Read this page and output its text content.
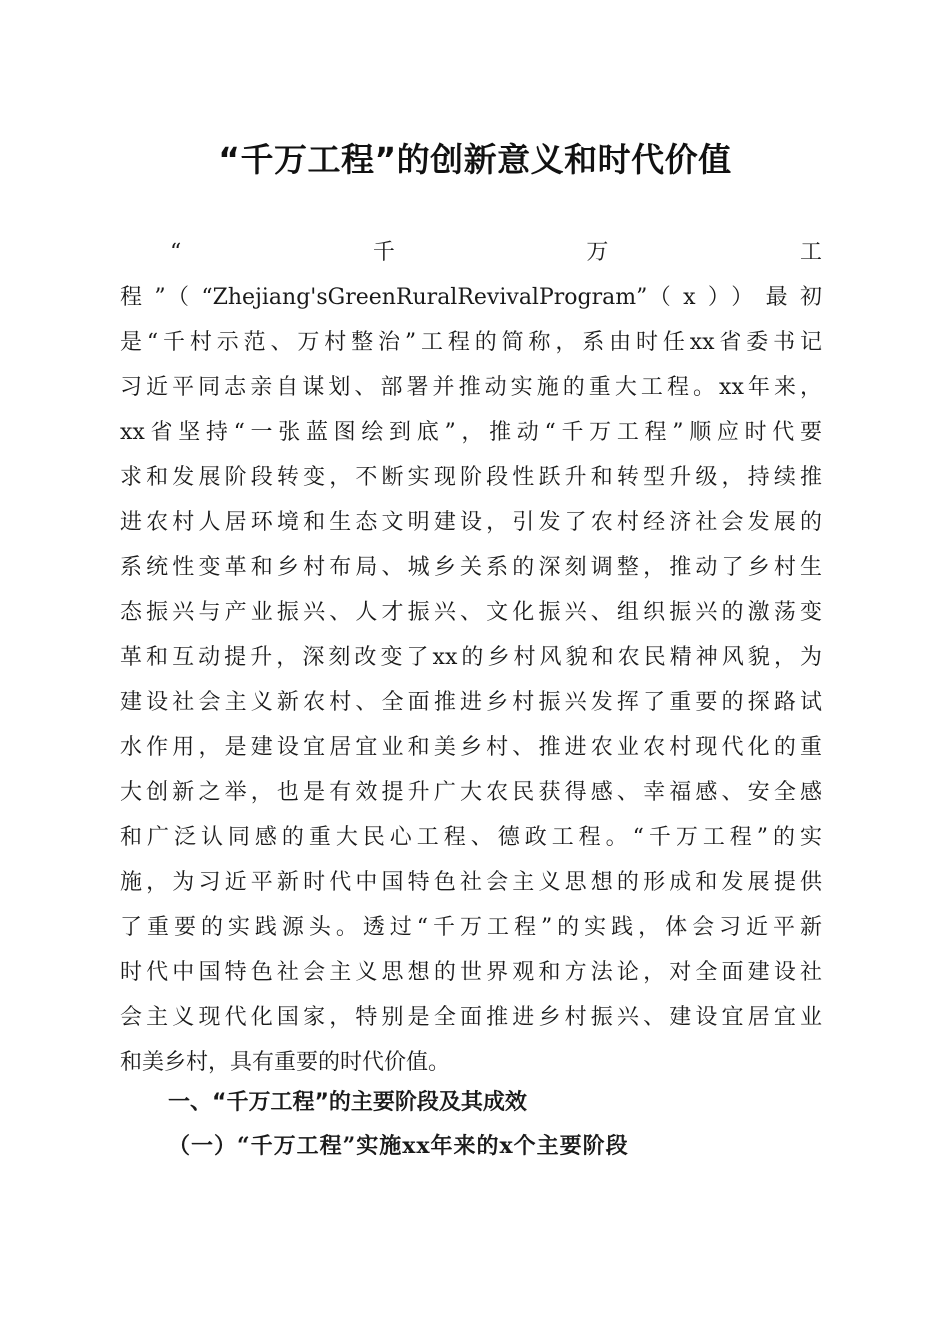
“千万工程”的创新意义和时代价值
“	千	万	工
程”（“Zhejiang'sGreenRuralRevivalProgram”（x））最初
是“千村示范、万村整治”工程的简称，系由时任xx省委书记
习近平同志亲自谋划、部署并推动实施的重大工程。xx年来，
xx省坚持“一张蓝图绘到底”，推动“千万工程”顺应时代要
求和发展阶段转变，不断实现阶段性跃升和转型升级，持续推
进农村人居环境和生态文明建设，引发了农村经济社会发展的
系统性变革和乡村布局、城乡关系的深刻调整，推动了乡村生
态振兴与产业振兴、人才振兴、文化振兴、组织振兴的激荡变
革和互动提升，深刻改变了xx的乡村风貌和农民精神风貌，为
建设社会主义新农村、全面推进乡村振兴发挥了重要的探路试
水作用，是建设宜居宜业和美乡村、推进农业农村现代化的重
大创新之举，也是有效提升广大农民获得感、幸福感、安全感
和广泛认同感的重大民心工程、德政工程。“千万工程”的实
施，为习近平新时代中国特色社会主义思想的形成和发展提供
了重要的实践源头。透过“千万工程”的实践，体会习近平新
时代中国特色社会主义思想的世界观和方法论，对全面建设社
会主义现代化国家，特别是全面推进乡村振兴、建设宜居宜业
和美乡村，具有重要的时代价值。
一、“千万工程”的主要阶段及其成效
（一）“千万工程”实施xx年来的x个主要阶段
